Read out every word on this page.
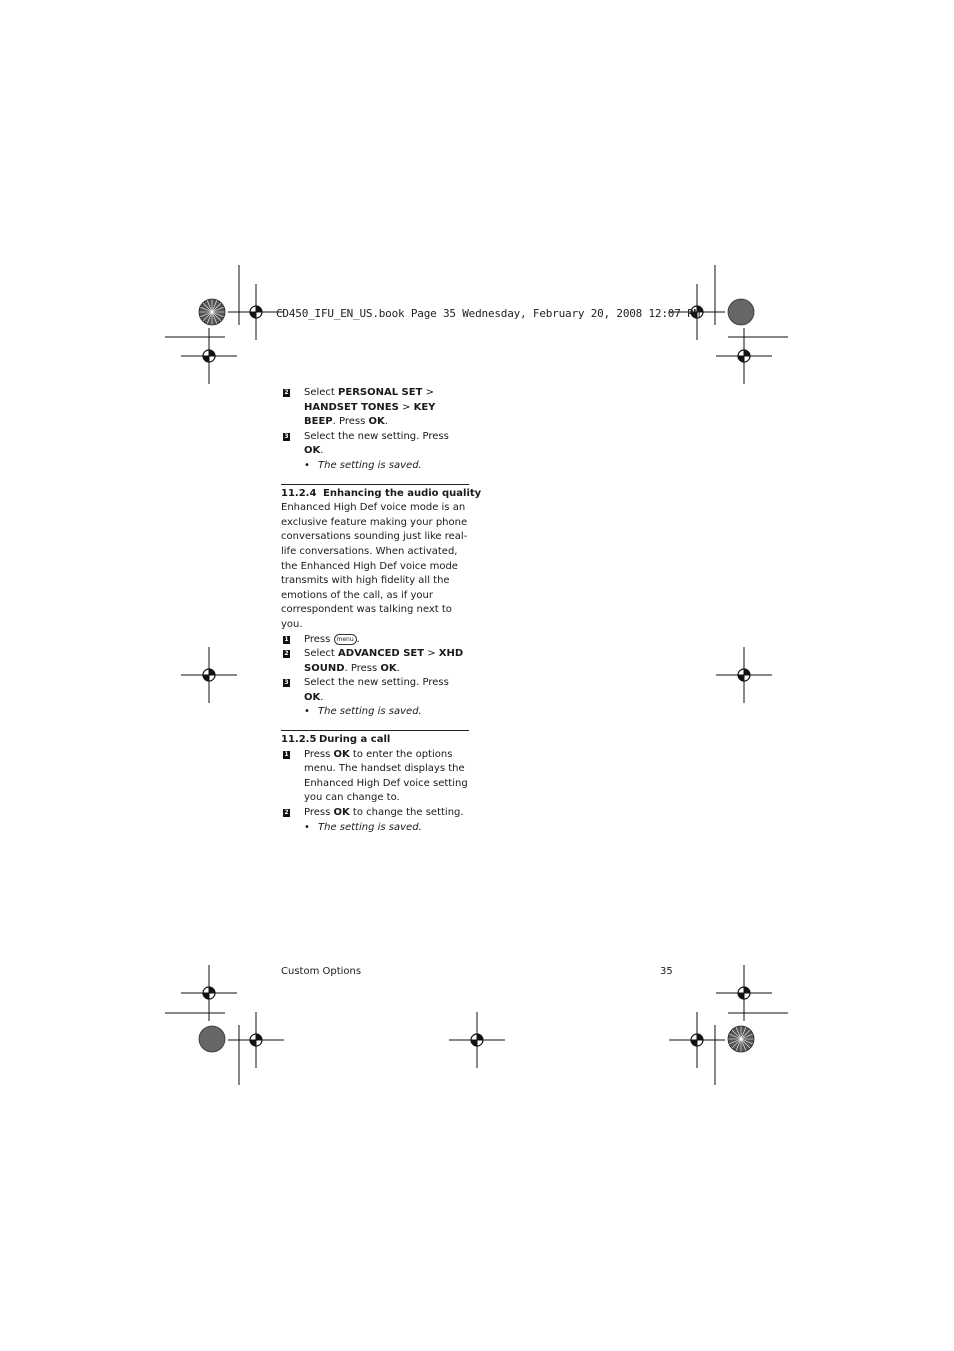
CD450_IFU_EN_US.book Page 35 Wednesday, February 20, 2008 12:07 PM
2 Select PERSONAL SET > HANDSET TONES > KEY BEEP. Press OK.
3 Select the new setting. Press OK.
• The setting is saved.
11.2.4 Enhancing the audio quality
Enhanced High Def voice mode is an exclusive feature making your phone conversations sounding just like real-life conversations. When activated, the Enhanced High Def voice mode transmits with high fidelity all the emotions of the call, as if your correspondent was talking next to you.
1 Press menu .
2 Select ADVANCED SET > XHD SOUND. Press OK.
3 Select the new setting. Press OK.
• The setting is saved.
11.2.5 During a call
1 Press OK to enter the options menu. The handset displays the Enhanced High Def voice setting you can change to.
2 Press OK to change the setting.
• The setting is saved.
Custom Options	35
